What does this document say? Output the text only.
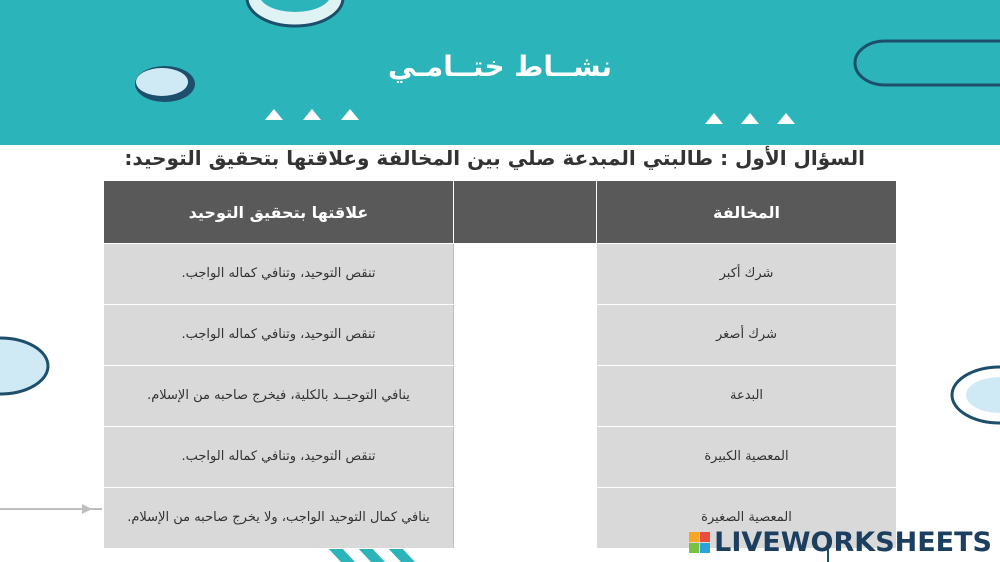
نشــاط ختــامـي
السؤال الأول : طالبتي المبدعة صلي بين المخالفة وعلاقتها بتحقيق التوحيد:
المخالفة		علاقتها بتحقيق التوحيد
شرك أكبر		تنقص التوحيد، وتنافي كماله الواجب.
شرك أصغر		تنقص التوحيد، وتنافي كماله الواجب.
البدعة		ينافي التوحيــد بالكلية، فيخرج صاحبه من الإسلام.
المعصية الكبيرة		تنقص التوحيد، وتنافي كماله الواجب.
المعصية الصغيرة		ينافي كمال التوحيد الواجب، ولا يخرج صاحبه من الإسلام.
LIVEWORKSHEETS
